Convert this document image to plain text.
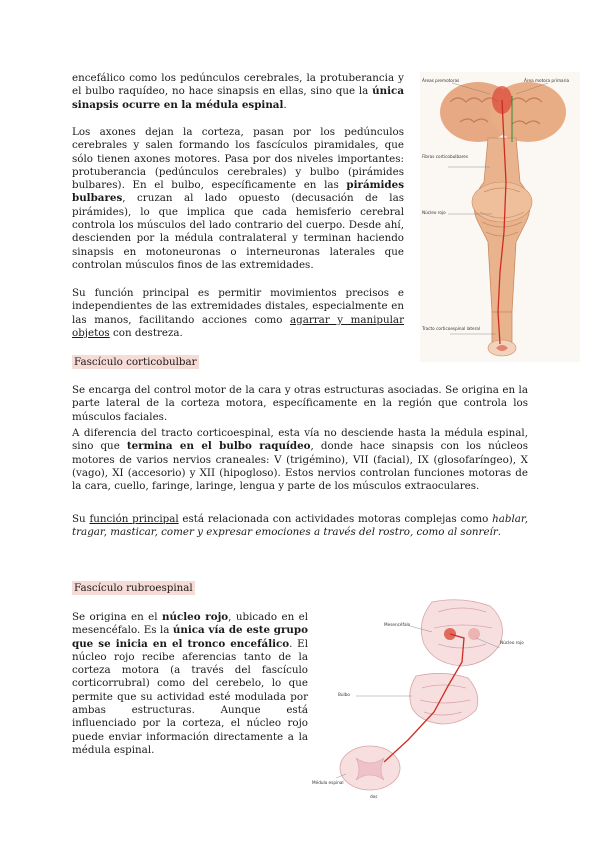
encefálico como los pedúnculos cerebrales, la protuberancia y el bulbo raquídeo, no hace sinapsis en ellas, sino que la única sinapsis ocurre en la médula espinal.

Los axones dejan la corteza, pasan por los pedúnculos cerebrales y salen formando los fascículos piramidales, que sólo tienen axones motores. Pasa por dos niveles importantes: protuberancia (pedúnculos cerebrales) y bulbo (pirámides bulbares). En el bulbo, específicamente en las pirámides bulbares, cruzan al lado opuesto (decusación de las pirámides), lo que implica que cada hemisferio cerebral controla los músculos del lado contrario del cuerpo. Desde ahí, descienden por la médula contralateral y terminan haciendo sinapsis en motoneuronas o interneuronas laterales que controlan músculos finos de las extremidades.

Su función principal es permitir movimientos precisos e independientes de las extremidades distales, especialmente en las manos, facilitando acciones como agarrar y manipular objetos con destreza.

Áreas premotoras	Área motora primaria
Fibras corticobulbares
Núcleo rojo
Tracto corticoespinal lateral

Fascículo corticobulbar

Se encarga del control motor de la cara y otras estructuras asociadas. Se origina en la parte lateral de la corteza motora, específicamente en la región que controla los músculos faciales.

A diferencia del tracto corticoespinal, esta vía no desciende hasta la médula espinal, sino que termina en el bulbo raquídeo, donde hace sinapsis con los núcleos motores de varios nervios craneales: V (trigémino), VII (facial), IX (glosofaríngeo), X (vago), XI (accesorio) y XII (hipogloso). Estos nervios controlan funciones motoras de la cara, cuello, faringe, laringe, lengua y parte de los músculos extraoculares.

Su función principal está relacionada con actividades motoras complejas como hablar, tragar, masticar, comer y expresar emociones a través del rostro, como al sonreír.

Fascículo rubroespinal

Se origina en el núcleo rojo, ubicado en el mesencéfalo. Es la única vía de este grupo que se inicia en el tronco encefálico. El núcleo rojo recibe aferencias tanto de la corteza motora (a través del fascículo corticorrubral) como del cerebelo, lo que permite que su actividad esté modulada por ambas estructuras. Aunque está influenciado por la corteza, el núcleo rojo puede enviar información directamente a la médula espinal.

Mesencéfalo
Bulbo
Núcleo rojo
Médula espinal
dos
